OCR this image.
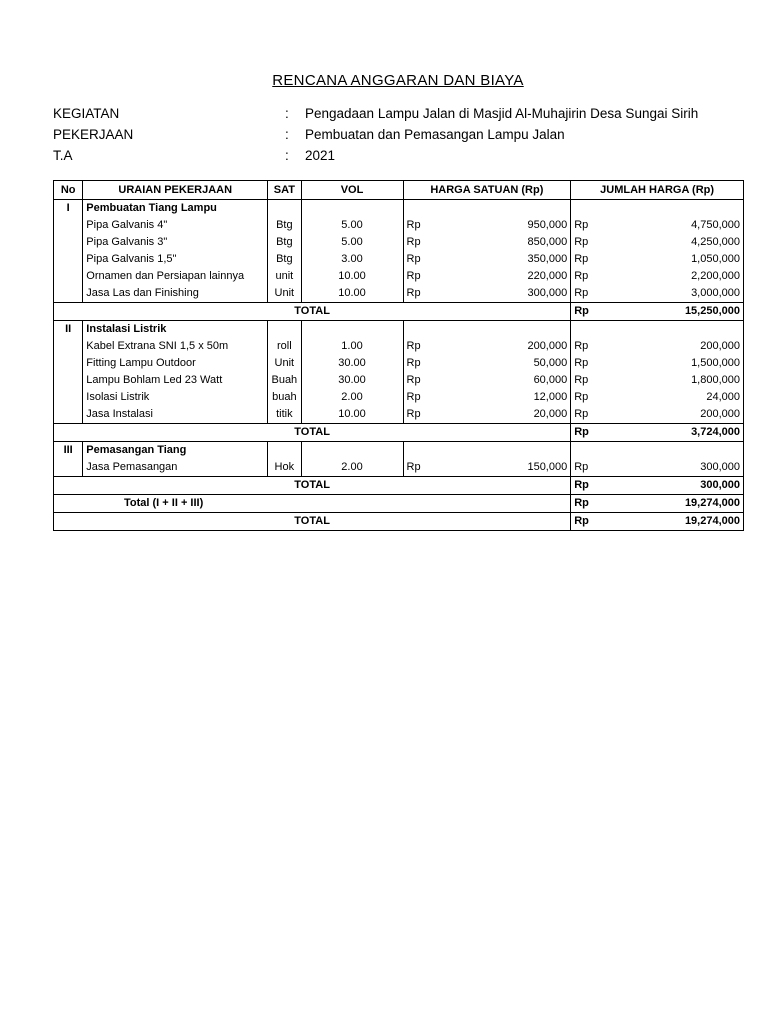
RENCANA ANGGARAN DAN BIAYA
KEGIATAN	: Pengadaan Lampu Jalan di Masjid Al-Muhajirin Desa Sungai Sirih
PEKERJAAN	: Pembuatan dan Pemasangan Lampu Jalan
T.A	: 2021
No	URAIAN PEKERJAAN	SAT	VOL	HARGA SATUAN (Rp)	JUMLAH HARGA (Rp)
I	Pembuatan Tiang Lampu				
	Pipa Galvanis 4"	Btg	5.00	Rp 950,000	Rp 4,750,000

	Pipa Galvanis 3"	Btg	5.00	Rp 850,000	Rp 4,250,000

	Pipa Galvanis 1,5"	Btg	3.00	Rp 350,000	Rp 1,050,000

	Ornamen dan Persiapan lainnya	unit	10.00	Rp 220,000	Rp 2,200,000

	Jasa Las dan Finishing	Unit	10.00	Rp 300,000	Rp 3,000,000

TOTAL					Rp 15,250,000

II	Instalasi Listrik				
	Kabel Extrana SNI 1,5 x 50m	roll	1.00	Rp 200,000	Rp 200,000

	Fitting Lampu Outdoor	Unit	30.00	Rp 50,000	Rp 1,500,000

	Lampu Bohlam Led 23 Watt	Buah	30.00	Rp 60,000	Rp 1,800,000

	Isolasi Listrik	buah	2.00	Rp 12,000	Rp 24,000

	Jasa Instalasi	titik	10.00	Rp 20,000	Rp 200,000

TOTAL					Rp 3,724,000

III	Pemasangan Tiang				
	Jasa Pemasangan	Hok	2.00	Rp 150,000	Rp 300,000

TOTAL					Rp 300,000

Total (I + II + III)					Rp 19,274,000

TOTAL					Rp 19,274,000
